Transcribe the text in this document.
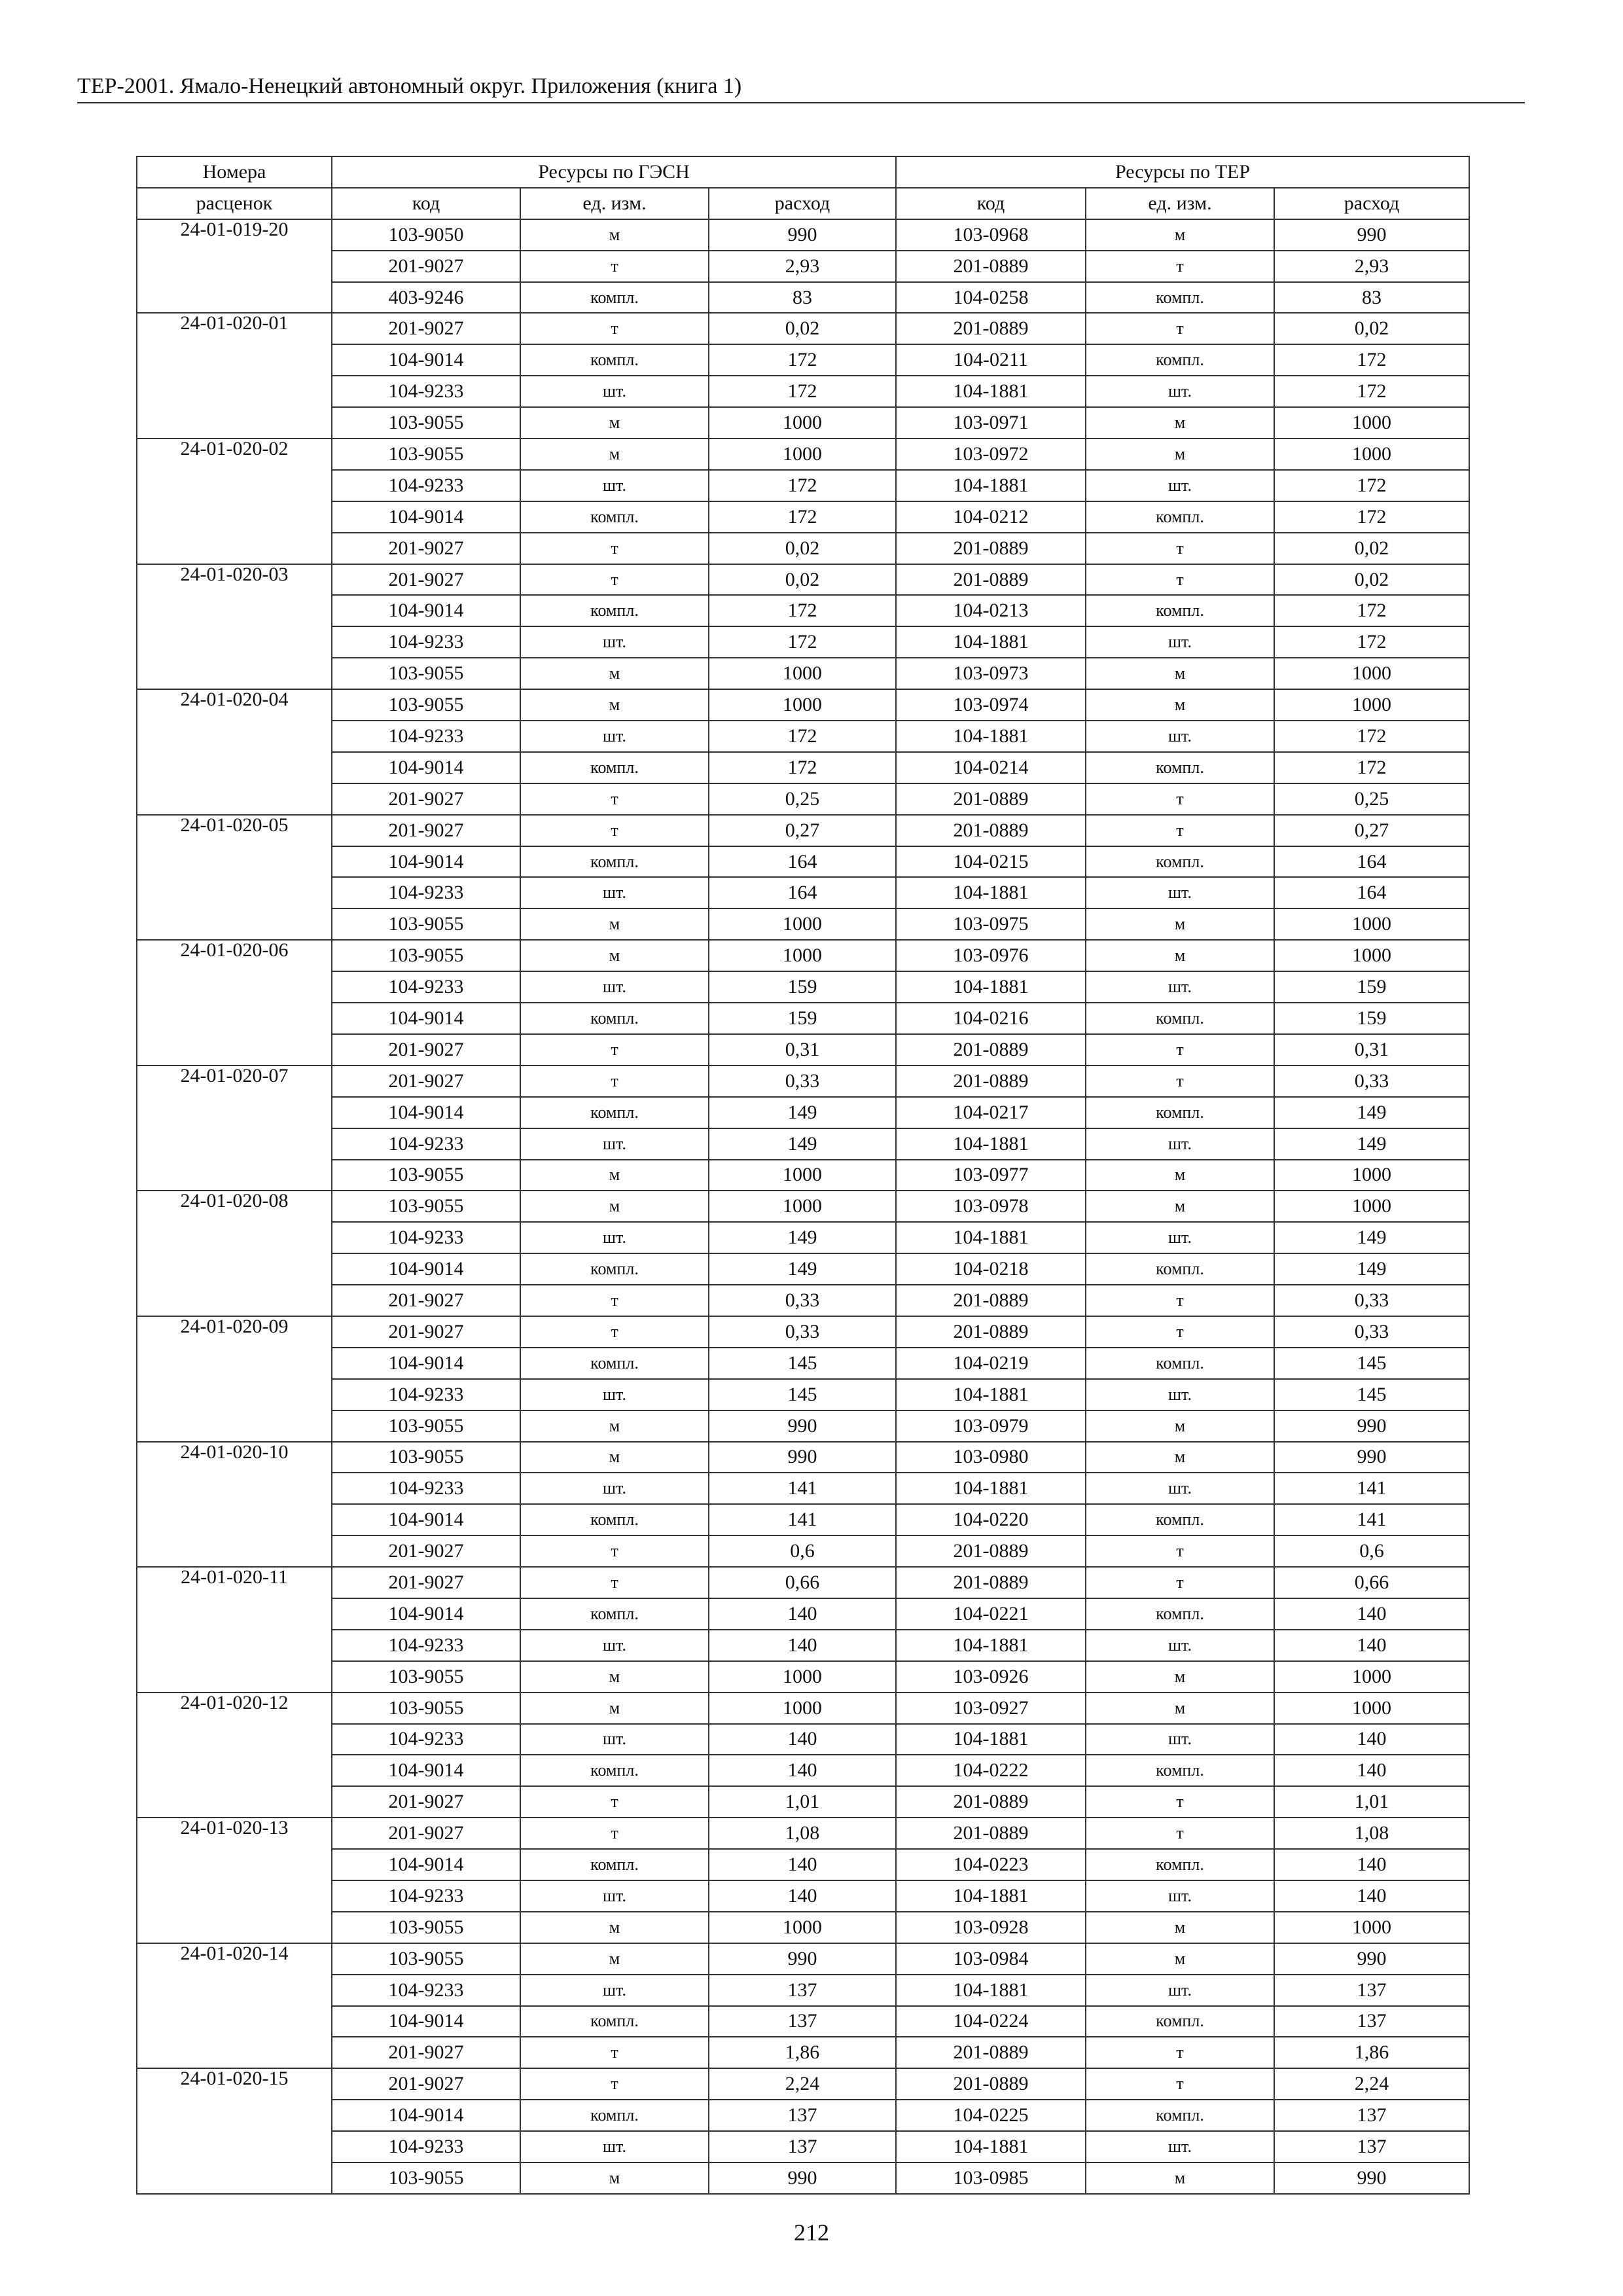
ТЕР-2001. Ямало-Ненецкий автономный округ. Приложения (книга 1)
Номера	Ресурсы по ГЭСН			Ресурсы по ТЕР		
расценок	код	ед. изм.	расход	код	ед. изм.	расход
24-01-019-20	103-9050	м	990	103-0968	м	990
	201-9027	т	2,93	201-0889	т	2,93
	403-9246	компл.	83	104-0258	компл.	83
24-01-020-01	201-9027	т	0,02	201-0889	т	0,02
	104-9014	компл.	172	104-0211	компл.	172
	104-9233	шт.	172	104-1881	шт.	172
	103-9055	м	1000	103-0971	м	1000
24-01-020-02	103-9055	м	1000	103-0972	м	1000
	104-9233	шт.	172	104-1881	шт.	172
	104-9014	компл.	172	104-0212	компл.	172
	201-9027	т	0,02	201-0889	т	0,02
24-01-020-03	201-9027	т	0,02	201-0889	т	0,02
	104-9014	компл.	172	104-0213	компл.	172
	104-9233	шт.	172	104-1881	шт.	172
	103-9055	м	1000	103-0973	м	1000
24-01-020-04	103-9055	м	1000	103-0974	м	1000
	104-9233	шт.	172	104-1881	шт.	172
	104-9014	компл.	172	104-0214	компл.	172
	201-9027	т	0,25	201-0889	т	0,25
24-01-020-05	201-9027	т	0,27	201-0889	т	0,27
	104-9014	компл.	164	104-0215	компл.	164
	104-9233	шт.	164	104-1881	шт.	164
	103-9055	м	1000	103-0975	м	1000
24-01-020-06	103-9055	м	1000	103-0976	м	1000
	104-9233	шт.	159	104-1881	шт.	159
	104-9014	компл.	159	104-0216	компл.	159
	201-9027	т	0,31	201-0889	т	0,31
24-01-020-07	201-9027	т	0,33	201-0889	т	0,33
	104-9014	компл.	149	104-0217	компл.	149
	104-9233	шт.	149	104-1881	шт.	149
	103-9055	м	1000	103-0977	м	1000
24-01-020-08	103-9055	м	1000	103-0978	м	1000
	104-9233	шт.	149	104-1881	шт.	149
	104-9014	компл.	149	104-0218	компл.	149
	201-9027	т	0,33	201-0889	т	0,33
24-01-020-09	201-9027	т	0,33	201-0889	т	0,33
	104-9014	компл.	145	104-0219	компл.	145
	104-9233	шт.	145	104-1881	шт.	145
	103-9055	м	990	103-0979	м	990
24-01-020-10	103-9055	м	990	103-0980	м	990
	104-9233	шт.	141	104-1881	шт.	141
	104-9014	компл.	141	104-0220	компл.	141
	201-9027	т	0,6	201-0889	т	0,6
24-01-020-11	201-9027	т	0,66	201-0889	т	0,66
	104-9014	компл.	140	104-0221	компл.	140
	104-9233	шт.	140	104-1881	шт.	140
	103-9055	м	1000	103-0926	м	1000
24-01-020-12	103-9055	м	1000	103-0927	м	1000
	104-9233	шт.	140	104-1881	шт.	140
	104-9014	компл.	140	104-0222	компл.	140
	201-9027	т	1,01	201-0889	т	1,01
24-01-020-13	201-9027	т	1,08	201-0889	т	1,08
	104-9014	компл.	140	104-0223	компл.	140
	104-9233	шт.	140	104-1881	шт.	140
	103-9055	м	1000	103-0928	м	1000
24-01-020-14	103-9055	м	990	103-0984	м	990
	104-9233	шт.	137	104-1881	шт.	137
	104-9014	компл.	137	104-0224	компл.	137
	201-9027	т	1,86	201-0889	т	1,86
24-01-020-15	201-9027	т	2,24	201-0889	т	2,24
	104-9014	компл.	137	104-0225	компл.	137
	104-9233	шт.	137	104-1881	шт.	137
	103-9055	м	990	103-0985	м	990
212
